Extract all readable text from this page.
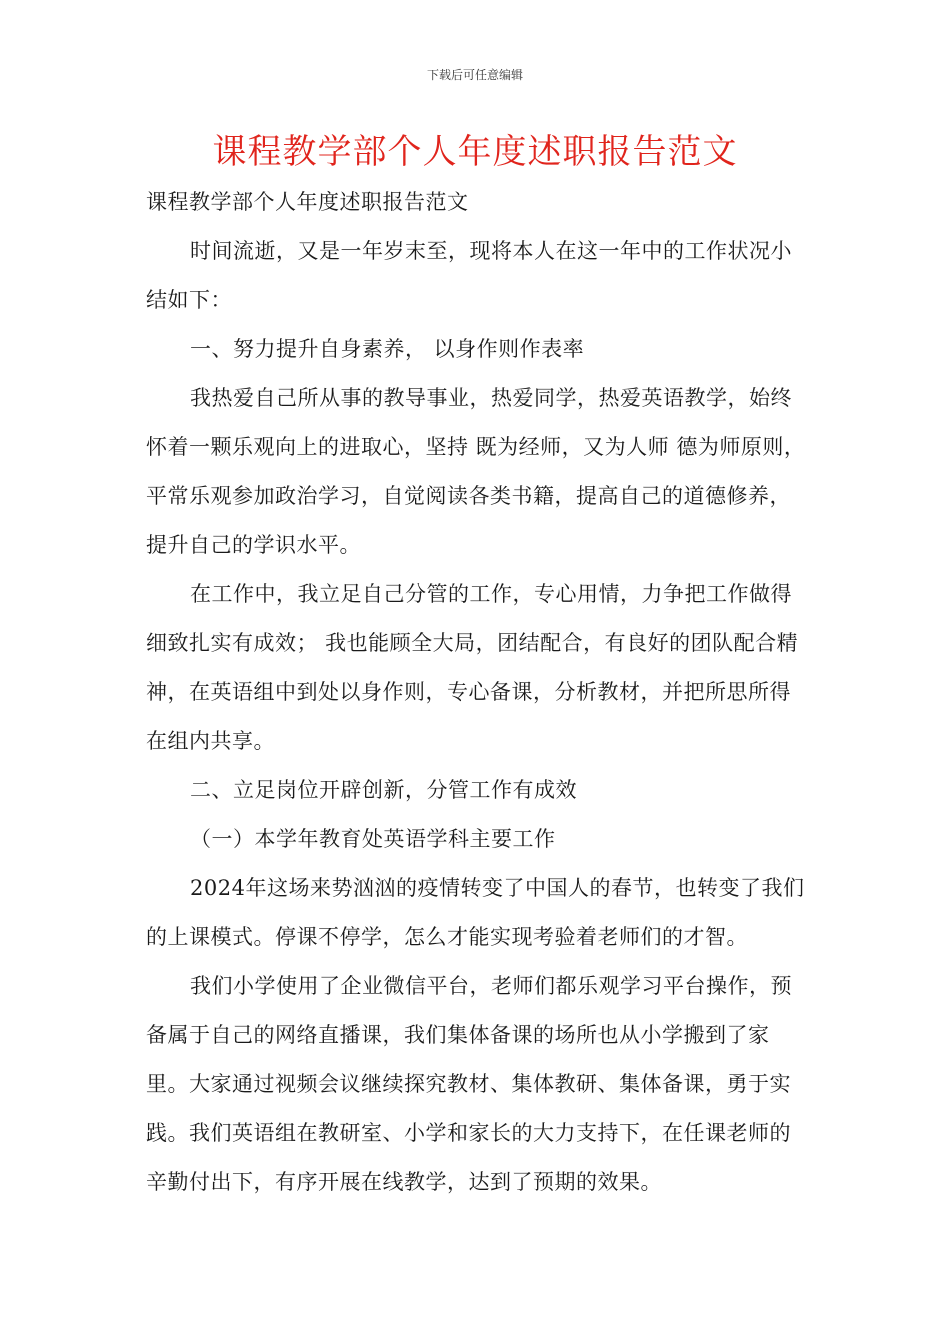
下载后可任意编辑
课程教学部个人年度述职报告范文

课程教学部个人年度述职报告范文

时间流逝，又是一年岁末至，现将本人在这一年中的工作状况小结如下：

一、努力提升自身素养， 以身作则作表率

我热爱自己所从事的教导事业，热爱同学，热爱英语教学，始终怀着一颗乐观向上的进取心，坚持 既为经师，又为人师 德为师原则，平常乐观参加政治学习，自觉阅读各类书籍，提高自己的道德修养，提升自己的学识水平。

在工作中，我立足自己分管的工作，专心用情，力争把工作做得细致扎实有成效； 我也能顾全大局，团结配合，有良好的团队配合精神，在英语组中到处以身作则，专心备课，分析教材，并把所思所得在组内共享。

二、立足岗位开辟创新，分管工作有成效

（一）本学年教育处英语学科主要工作

2024年这场来势汹汹的疫情转变了中国人的春节，也转变了我们的上课模式。停课不停学，怎么才能实现考验着老师们的才智。

我们小学使用了企业微信平台，老师们都乐观学习平台操作，预备属于自己的网络直播课，我们集体备课的场所也从小学搬到了家里。大家通过视频会议继续探究教材、集体教研、集体备课，勇于实践。我们英语组在教研室、小学和家长的大力支持下，在任课老师的辛勤付出下，有序开展在线教学，达到了预期的效果。
